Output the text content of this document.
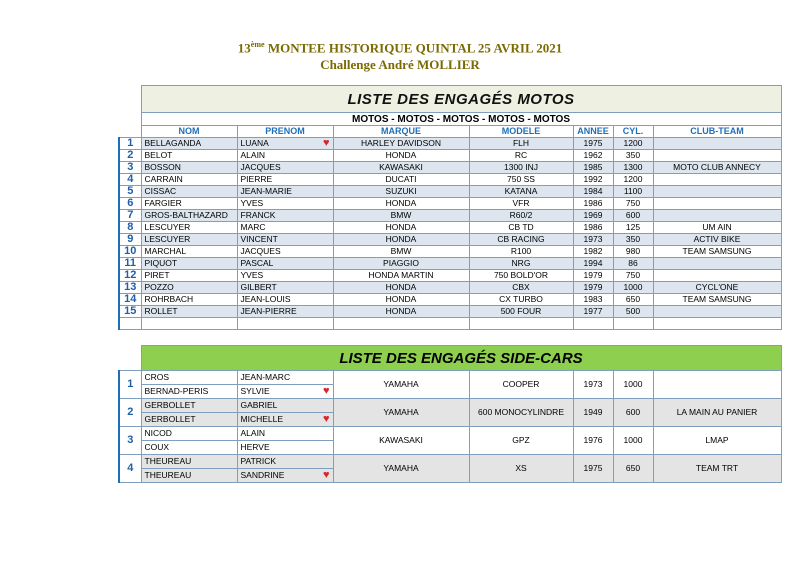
13ème MONTEE HISTORIQUE QUINTAL 25 AVRIL 2021
Challenge André MOLLIER
	LISTE DES ENGAGÉS MOTOS						
	MOTOS - MOTOS - MOTOS - MOTOS - MOTOS						
	NOM	PRENOM	MARQUE	MODELE	ANNEE	CYL.	CLUB-TEAM
1	BELLAGANDA	LUANA ♥	HARLEY DAVIDSON	FLH	1975	1200	
2	BELOT	ALAIN	HONDA	RC	1962	350	
3	BOSSON	JACQUES	KAWASAKI	1300 INJ	1985	1300	MOTO CLUB ANNECY
4	CARRAIN	PIERRE	DUCATI	750 SS	1992	1200	
5	CISSAC	JEAN-MARIE	SUZUKI	KATANA	1984	1100	
6	FARGIER	YVES	HONDA	VFR	1986	750	
7	GROS-BALTHAZARD	FRANCK	BMW	R60/2	1969	600	
8	LESCUYER	MARC	HONDA	CB TD	1986	125	UM AIN
9	LESCUYER	VINCENT	HONDA	CB RACING	1973	350	ACTIV BIKE
10	MARCHAL	JACQUES	BMW	R100	1982	980	TEAM SAMSUNG
11	PIQUOT	PASCAL	PIAGGIO	NRG	1994	86	
12	PIRET	YVES	HONDA MARTIN	750 BOLD'OR	1979	750	
13	POZZO	GILBERT	HONDA	CBX	1979	1000	CYCL'ONE
14	ROHRBACH	JEAN-LOUIS	HONDA	CX TURBO	1983	650	TEAM SAMSUNG
15	ROLLET	JEAN-PIERRE	HONDA	500 FOUR	1977	500	

	LISTE DES ENGAGÉS SIDE-CARS						
1	CROS	JEAN-MARC	YAMAHA	COOPER	1973	1000	
	BERNAD-PERIS	SYLVIE ♥					

2	GERBOLLET	GABRIEL	YAMAHA	600 MONOCYLINDRE	1949	600	LA MAIN AU PANIER
	GERBOLLET	MICHELLE ♥					

3	NICOD	ALAIN	KAWASAKI	GPZ	1976	1000	LMAP
	COUX	HERVE					

4	THEUREAU	PATRICK	YAMAHA	XS	1975	650	TEAM TRT
	THEUREAU	SANDRINE ♥					
